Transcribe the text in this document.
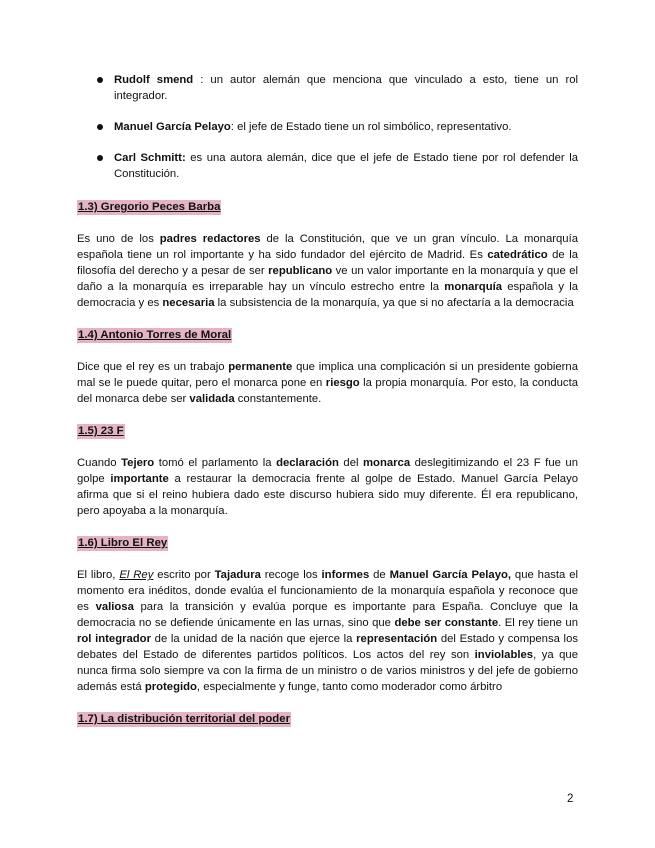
Rudolf smend : un autor alemán que menciona que vinculado a esto, tiene un rol integrador.
Manuel García Pelayo: el jefe de Estado tiene un rol simbólico, representativo.
Carl Schmitt: es una autora alemán, dice que el jefe de Estado tiene por rol defender la Constitución.
1.3) Gregorio Peces Barba

Es uno de los padres redactores de la Constitución, que ve un gran vínculo. La monarquía española tiene un rol importante y ha sido fundador del ejército de Madrid. Es catedrático de la filosofía del derecho y a pesar de ser republicano ve un valor importante en la monarquía y que el daño a la monarquía es irreparable hay un vínculo estrecho entre la monarquía española y la democracia y es necesaria la subsistencia de la monarquía, ya que si no afectaría a la democracia

1.4) Antonio Torres de Moral

Dice que el rey es un trabajo permanente que implica una complicación si un presidente gobierna mal se le puede quitar, pero el monarca pone en riesgo la propia monarquía. Por esto, la conducta del monarca debe ser validada constantemente.

1.5) 23 F

Cuando Tejero tomó el parlamento la declaración del monarca deslegitimizando el 23 F fue un golpe importante a restaurar la democracia frente al golpe de Estado. Manuel García Pelayo afirma que si el reino hubiera dado este discurso hubiera sido muy diferente. Él era republicano, pero apoyaba a la monarquía.

1.6) Libro El Rey

El libro, El Rey escrito por Tajadura recoge los informes de Manuel García Pelayo, que hasta el momento era inéditos, donde evalúa el funcionamiento de la monarquía española y reconoce que es valiosa para la transición y evalúa porque es importante para España. Concluye que la democracia no se defiende únicamente en las urnas, sino que debe ser constante. El rey tiene un rol integrador de la unidad de la nación que ejerce la representación del Estado y compensa los debates del Estado de diferentes partidos políticos. Los actos del rey son inviolables, ya que nunca firma solo siempre va con la firma de un ministro o de varios ministros y del jefe de gobierno además está protegido, especialmente y funge, tanto como moderador como árbitro

1.7) La distribución territorial del poder
2
